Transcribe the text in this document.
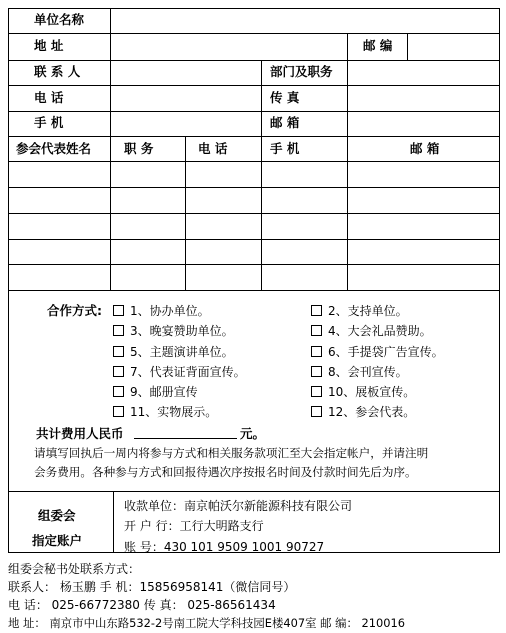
单位名称
地 址	邮 编
联 系 人	部门及职务
电 话	传 真
手 机	邮 箱
参会代表姓名	职 务	电 话	手 机	邮 箱
合作方式:	1、协办单位。	2、支持单位。
3、晚宴赞助单位。	4、大会礼品赞助。
5、主题演讲单位。	6、手提袋广告宣传。
7、代表证背面宣传。	8、会刊宣传。
9、邮册宣传	10、展板宣传。
11、实物展示。	12、参会代表。
共计费用人民币	元。
请填写回执后一周内将参与方式和相关服务款项汇至大会指定帐户，并请注明
会务费用。各种参与方式和回报待遇次序按报名时间及付款时间先后为序。
组委会
指定账户
收款单位：南京帕沃尔新能源科技有限公司
开 户 行：工行大明路支行
账 号：430 101 9509 1001 90727
组委会秘书处联系方式：
联系人： 杨玉鹏 手 机：15856958141（微信同号）
电 话： 025-66772380 传 真： 025-86561434
地 址： 南京市中山东路532-2号南工院大学科技园E楼407室 邮 编： 210016
